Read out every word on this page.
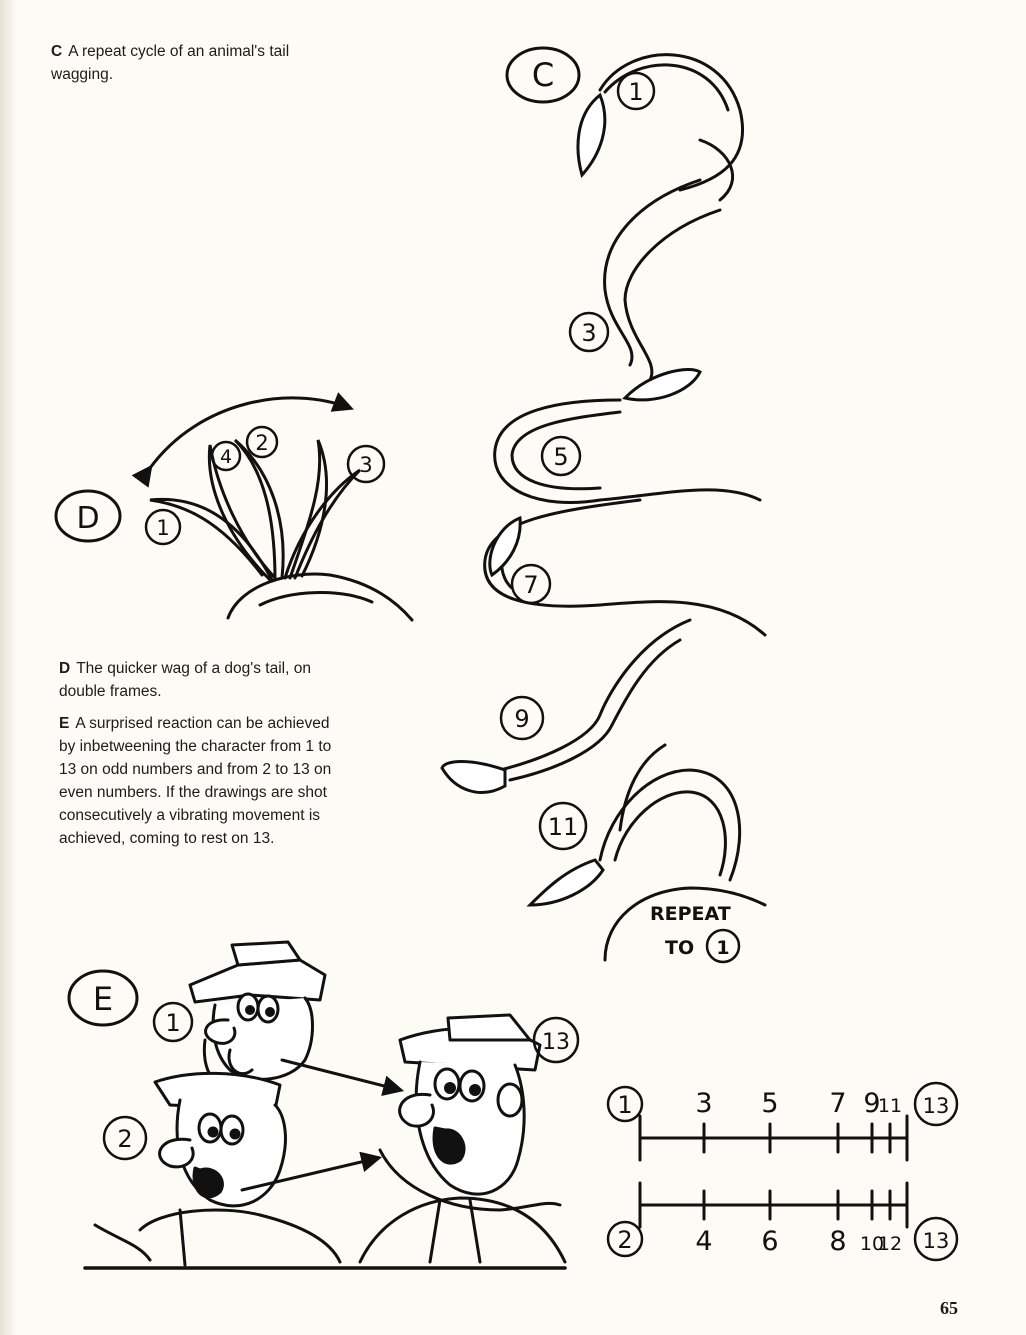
C A repeat cycle of an animal's tail wagging.
D The quicker wag of a dog's tail, on double frames.
E A surprised reaction can be achieved by inbetweening the character from 1 to 13 on odd numbers and from 2 to 13 on even numbers. If the drawings are shot consecutively a vibrating movement is achieved, coming to rest on 13.
C	1
3
5
7
9
11
REPEAT
TO 1
D	1
2
3
4
E
1
2
13
1	13
3 5 7 9
11
2	13
4 6 8 10
12
65
